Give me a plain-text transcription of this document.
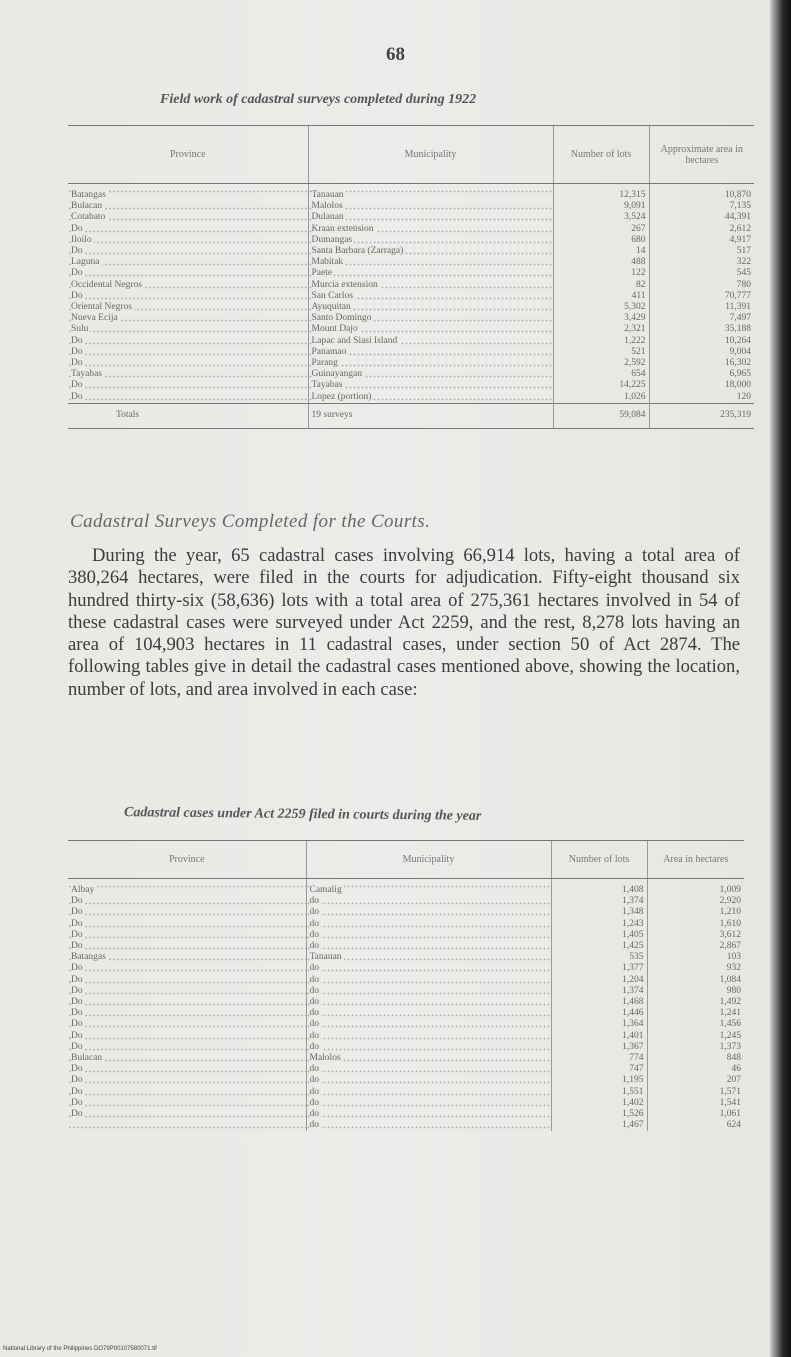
68
Field work of cadastral surveys completed during 1922
Province	Municipality	Number of lots	Approximate area in hectares
Batangas	Tanauan	12,315	10,870
Bulacan	Malolos	9,091	7,135
Cotabato	Dulanan	3,524	44,391
Do	Kraan extension	267	2,612
Iloilo	Dumangas	680	4,917
Do	Santa Barbara (Zarraga)	14	517
Laguna	Mabitak	488	322
Do	Paete	122	545
Occidental Negros	Murcia extension	82	780
Do	San Carlos	411	70,777
Oriental Negros	Ayuquitan	5,302	11,391
Nueva Ecija	Santo Domingo	3,429	7,497
Sulu	Mount Dajo	2,321	35,188
Do	Lapac and Siasi Island	1,222	10,264
Do	Panamao	521	9,004
Do	Parang	2,592	16,302
Tayabas	Guinayangan	654	6,965
Do	Tayabas	14,225	18,000
Do	Lopez (portion)	1,026	120
Totals	19 surveys	59,084	235,319
Cadastral Surveys Completed for the Courts.

During the year, 65 cadastral cases involving 66,914 lots, having a total area of 380,264 hectares, were filed in the courts for adjudication. Fifty-eight thousand six hundred thirty-six (58,636) lots with a total area of 275,361 hectares involved in 54 of these cadastral cases were surveyed under Act 2259, and the rest, 8,278 lots having an area of 104,903 hectares in 11 cadastral cases, under section 50 of Act 2874. The following tables give in detail the cadastral cases mentioned above, showing the location, number of lots, and area involved in each case:

Cadastral cases under Act 2259 filed in courts during the year
Province	Municipality	Number of lots	Area in hectares
Albay	Camalig	1,408	1,009
Do	do	1,374	2,920
Do	do	1,348	1,210
Do	do	1,243	1,610
Do	do	1,405	3,612
Do	do	1,425	2,867
Batangas	Tanauan	535	103
Do	do	1,377	932
Do	do	1,204	1,084
Do	do	1,374	980
Do	do	1,468	1,492
Do	do	1,446	1,241
Do	do	1,364	1,456
Do	do	1,401	1,245
Do	do	1,367	1,373
Bulacan	Malolos	774	848
Do	do	747	46
Do	do	1,195	207
Do	do	1,551	1,571
Do	do	1,402	1,541
Do	do	1,526	1,061
	do	1,467	624
National Library of the Philippines DO79P00107580071.tif
